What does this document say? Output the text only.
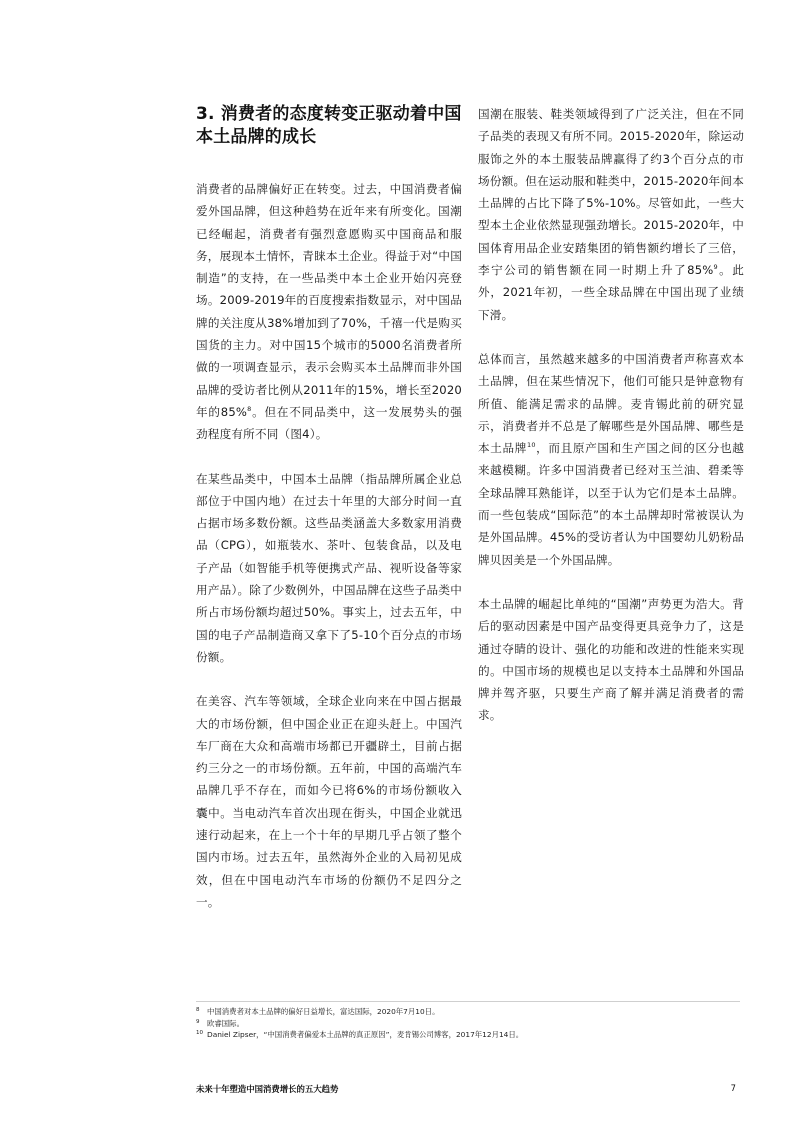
3. 消费者的态度转变正驱动着中国本土品牌的成长

消费者的品牌偏好正在转变。过去，中国消费者偏爱外国品牌，但这种趋势在近年来有所变化。国潮已经崛起，消费者有强烈意愿购买中国商品和服务，展现本土情怀，青睐本土企业。得益于对“中国制造”的支持，在一些品类中本土企业开始闪亮登场。2009-2019年的百度搜索指数显示，对中国品牌的关注度从38%增加到了70%，千禧一代是购买国货的主力。对中国15个城市的5000名消费者所做的一项调查显示，表示会购买本土品牌而非外国品牌的受访者比例从2011年的15%，增长至2020年的85%$^8$。但在不同品类中，这一发展势头的强劲程度有所不同（图4）。

在某些品类中，中国本土品牌（指品牌所属企业总部位于中国内地）在过去十年里的大部分时间一直占据市场多数份额。这些品类涵盖大多数家用消费品（CPG），如瓶装水、茶叶、包装食品，以及电子产品（如智能手机等便携式产品、视听设备等家用产品）。除了少数例外，中国品牌在这些子品类中所占市场份额均超过50%。事实上，过去五年，中国的电子产品制造商又拿下了5-10个百分点的市场份额。

在美容、汽车等领域，全球企业向来在中国占据最大的市场份额，但中国企业正在迎头赶上。中国汽车厂商在大众和高端市场都已开疆辟土，目前占据约三分之一的市场份额。五年前，中国的高端汽车品牌几乎不存在，而如今已将6%的市场份额收入囊中。当电动汽车首次出现在街头，中国企业就迅速行动起来，在上一个十年的早期几乎占领了整个国内市场。过去五年，虽然海外企业的入局初见成效，但在中国电动汽车市场的份额仍不足四分之一。

国潮在服装、鞋类领域得到了广泛关注，但在不同子品类的表现又有所不同。2015-2020年，除运动服饰之外的本土服装品牌赢得了约3个百分点的市场份额。但在运动服和鞋类中，2015-2020年间本土品牌的占比下降了5%-10%。尽管如此，一些大型本土企业依然显现强劲增长。2015-2020年，中国体育用品企业安踏集团的销售额约增长了三倍，李宁公司的销售额在同一时期上升了85%$^9$。此外，2021年初，一些全球品牌在中国出现了业绩下滑。

总体而言，虽然越来越多的中国消费者声称喜欢本土品牌，但在某些情况下，他们可能只是钟意物有所值、能满足需求的品牌。麦肯锡此前的研究显示，消费者并不总是了解哪些是外国品牌、哪些是本土品牌$^{10}$，而且原产国和生产国之间的区分也越来越模糊。许多中国消费者已经对玉兰油、碧柔等全球品牌耳熟能详，以至于认为它们是本土品牌。而一些包装成“国际范”的本土品牌却时常被误认为是外国品牌。45%的受访者认为中国婴幼儿奶粉品牌贝因美是一个外国品牌。

本土品牌的崛起比单纯的“国潮”声势更为浩大。背后的驱动因素是中国产品变得更具竞争力了，这是通过夺睛的设计、强化的功能和改进的性能来实现的。中国市场的规模也足以支持本土品牌和外国品牌并驾齐驱，只要生产商了解并满足消费者的需求。

8 中国消费者对本土品牌的偏好日益增长，富达国际，2020年7月10日。
9 欧睿国际。
10 Daniel Zipser，“中国消费者偏爱本土品牌的真正原因”，麦肯锡公司博客，2017年12月14日。
未来十年塑造中国消费增长的五大趋势	7
